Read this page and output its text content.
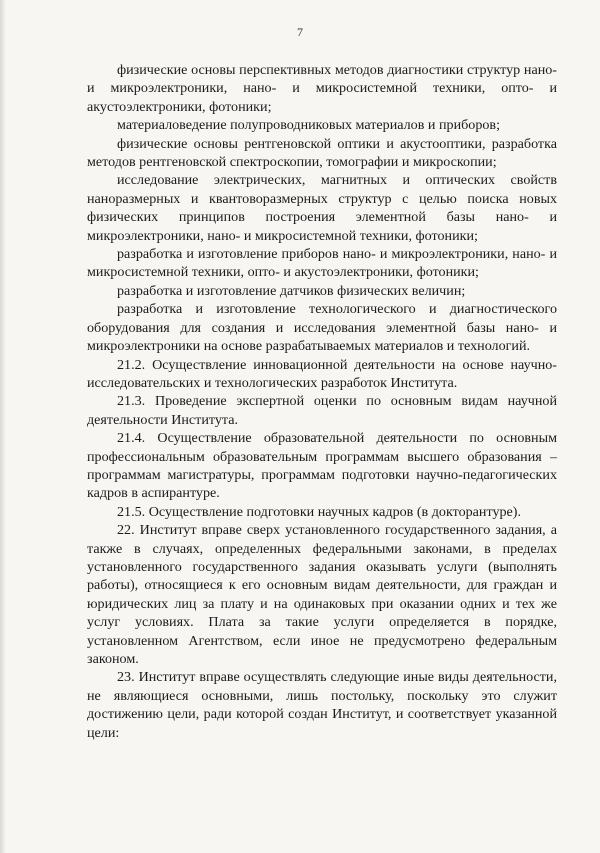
7

физические основы перспективных методов диагностики структур нано- и микроэлектроники, нано- и микросистемной техники, опто- и акустоэлектроники, фотоники;

материаловедение полупроводниковых материалов и приборов;

физические основы рентгеновской оптики и акустооптики, разработка методов рентгеновской спектроскопии, томографии и микроскопии;

исследование электрических, магнитных и оптических свойств наноразмерных и квантоворазмерных структур с целью поиска новых физических принципов построения элементной базы нано- и микроэлектроники, нано- и микросистемной техники, фотоники;

разработка и изготовление приборов нано- и микроэлектроники, нано- и микросистемной техники, опто- и акустоэлектроники, фотоники;

разработка и изготовление датчиков физических величин;

разработка и изготовление технологического и диагностического оборудования для создания и исследования элементной базы нано- и микроэлектроники на основе разрабатываемых материалов и технологий.

21.2. Осуществление инновационной деятельности на основе научно-исследовательских и технологических разработок Института.

21.3. Проведение экспертной оценки по основным видам научной деятельности Института.

21.4. Осуществление образовательной деятельности по основным профессиональным образовательным программам высшего образования – программам магистратуры, программам подготовки научно-педагогических кадров в аспирантуре.

21.5. Осуществление подготовки научных кадров (в докторантуре).

22. Институт вправе сверх установленного государственного задания, а также в случаях, определенных федеральными законами, в пределах установленного государственного задания оказывать услуги (выполнять работы), относящиеся к его основным видам деятельности, для граждан и юридических лиц за плату и на одинаковых при оказании одних и тех же услуг условиях. Плата за такие услуги определяется в порядке, установленном Агентством, если иное не предусмотрено федеральным законом.

23. Институт вправе осуществлять следующие иные виды деятельности, не являющиеся основными, лишь постольку, поскольку это служит достижению цели, ради которой создан Институт, и соответствует указанной цели:
